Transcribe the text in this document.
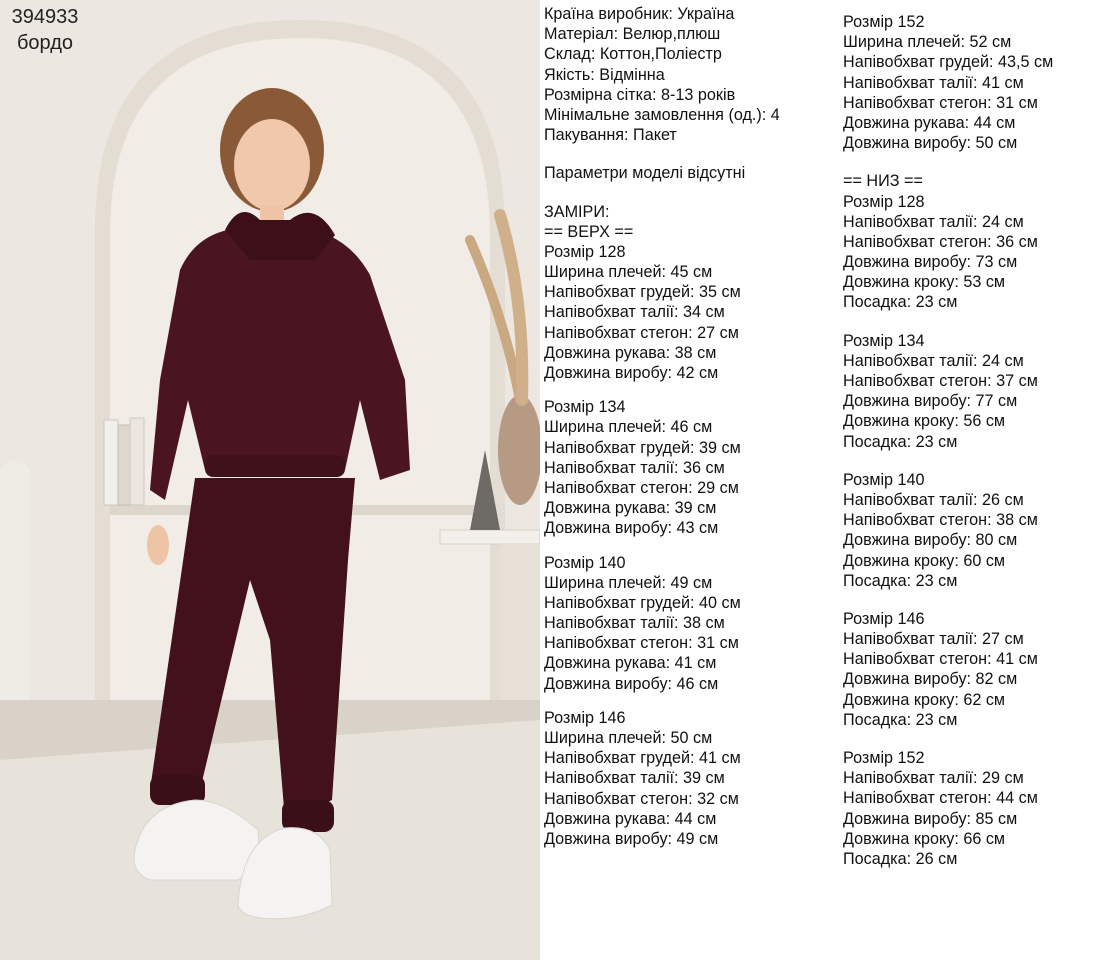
394933
бордо
Країна виробник: Україна
Матеріал: Велюр,плюш
Склад: Коттон,Поліестр
Якість: Відмінна
Розмірна сітка: 8-13 років
Мінімальне замовлення (од.): 4
Пакування: Пакет
Параметри моделі відсутні
ЗАМІРИ:
== ВЕРХ ==
Розмір 128
Ширина плечей: 45 см
Напівобхват грудей: 35 см
Напівобхват талії: 34 см
Напівобхват стегон: 27 см
Довжина рукава: 38 см
Довжина виробу: 42 см
Розмір 134
Ширина плечей: 46 см
Напівобхват грудей: 39 см
Напівобхват талії: 36 см
Напівобхват стегон: 29 см
Довжина рукава: 39 см
Довжина виробу: 43 см
Розмір 140
Ширина плечей: 49 см
Напівобхват грудей: 40 см
Напівобхват талії: 38 см
Напівобхват стегон: 31 см
Довжина рукава: 41 см
Довжина виробу: 46 см
Розмір 146
Ширина плечей: 50 см
Напівобхват грудей: 41 см
Напівобхват талії: 39 см
Напівобхват стегон: 32 см
Довжина рукава: 44 см
Довжина виробу: 49 см
Розмір 152
Ширина плечей: 52 см
Напівобхват грудей: 43,5 см
Напівобхват талії: 41 см
Напівобхват стегон: 31 см
Довжина рукава: 44 см
Довжина виробу: 50 см
== НИЗ ==
Розмір 128
Напівобхват талії: 24 см
Напівобхват стегон: 36 см
Довжина виробу: 73 см
Довжина кроку: 53 см
Посадка: 23 см
Розмір 134
Напівобхват талії: 24 см
Напівобхват стегон: 37 см
Довжина виробу: 77 см
Довжина кроку: 56 см
Посадка: 23 см
Розмір 140
Напівобхват талії: 26 см
Напівобхват стегон: 38 см
Довжина виробу: 80 см
Довжина кроку: 60 см
Посадка: 23 см
Розмір 146
Напівобхват талії: 27 см
Напівобхват стегон: 41 см
Довжина виробу: 82 см
Довжина кроку: 62 см
Посадка: 23 см
Розмір 152
Напівобхват талії: 29 см
Напівобхват стегон: 44 см
Довжина виробу: 85 см
Довжина кроку: 66 см
Посадка: 26 см
